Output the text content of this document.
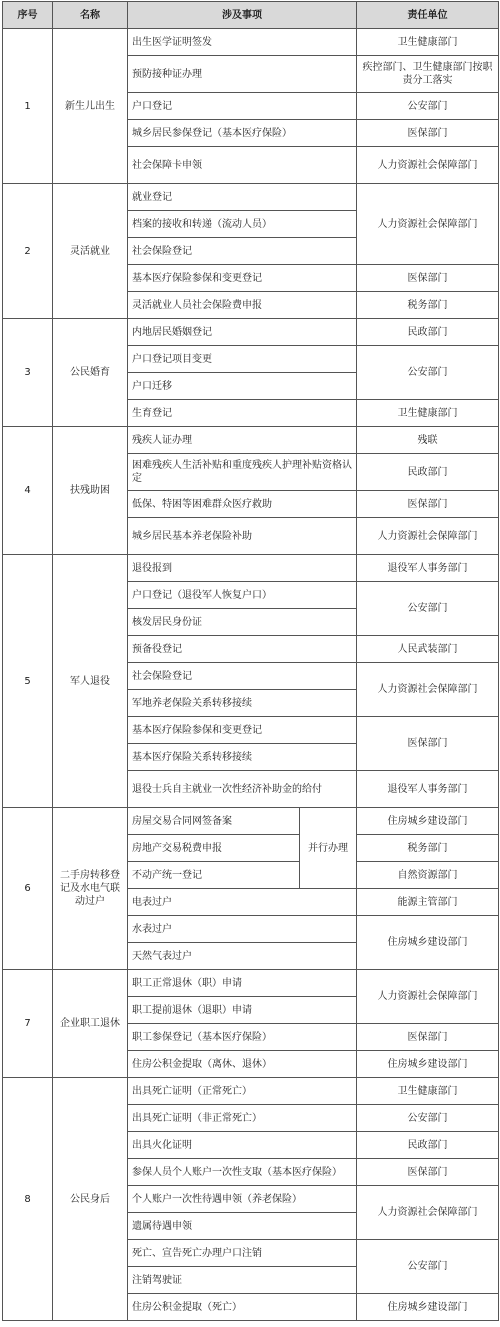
序号	名称	涉及事项		责任单位
1	新生儿出生	出生医学证明签发		卫生健康部门
		预防接种证办理		疾控部门、卫生健康部门按职责分工落实
		户口登记		公安部门
		城乡居民参保登记（基本医疗保险）		医保部门
		社会保障卡申领		人力资源社会保障部门
2	灵活就业	就业登记		人力资源社会保障部门
		档案的接收和转递（流动人员）		
		社会保险登记		
		基本医疗保险参保和变更登记		医保部门
		灵活就业人员社会保险费申报		税务部门
3	公民婚育	内地居民婚姻登记		民政部门
		户口登记项目变更		公安部门
		户口迁移		
		生育登记		卫生健康部门
4	扶残助困	残疾人证办理		残联
		困难残疾人生活补贴和重度残疾人护理补贴资格认定		民政部门
		低保、特困等困难群众医疗救助		医保部门
		城乡居民基本养老保险补助		人力资源社会保障部门
5	军人退役	退役报到		退役军人事务部门
		户口登记（退役军人恢复户口）		公安部门
		核发居民身份证		
		预备役登记		人民武装部门
		社会保险登记		人力资源社会保障部门
		军地养老保险关系转移接续		
		基本医疗保险参保和变更登记		医保部门
		基本医疗保险关系转移接续		
		退役士兵自主就业一次性经济补助金的给付		退役军人事务部门
6	二手房转移登记及水电气联动过户	房屋交易合同网签备案	并行办理	住房城乡建设部门
		房地产交易税费申报		税务部门
		不动产统一登记		自然资源部门
		电表过户		能源主管部门
		水表过户		住房城乡建设部门
		天然气表过户		
7	企业职工退休	职工正常退休（职）申请		人力资源社会保障部门
		职工提前退休（退职）申请		
		职工参保登记（基本医疗保险）		医保部门
		住房公积金提取（离休、退休）		住房城乡建设部门
8	公民身后	出具死亡证明（正常死亡）		卫生健康部门
		出具死亡证明（非正常死亡）		公安部门
		出具火化证明		民政部门
		参保人员个人账户一次性支取（基本医疗保险）		医保部门
		个人账户一次性待遇申领（养老保险）		人力资源社会保障部门
		遗属待遇申领		
		死亡、宣告死亡办理户口注销		公安部门
		注销驾驶证		
		住房公积金提取（死亡）		住房城乡建设部门
